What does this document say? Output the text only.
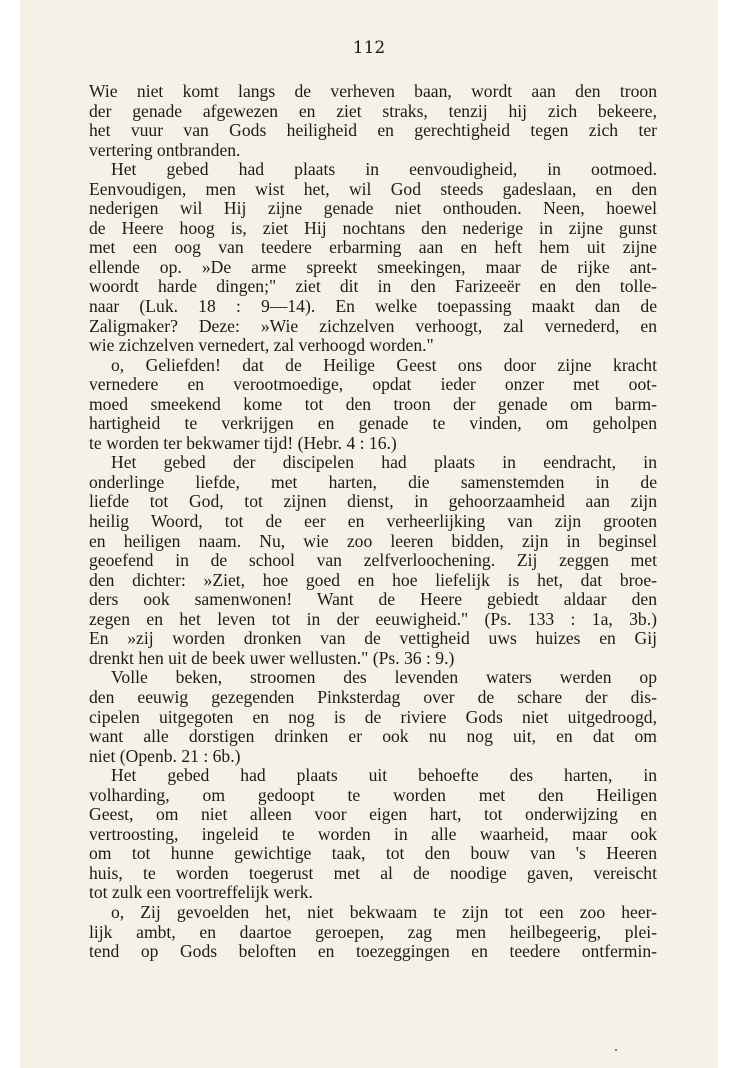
112
Wie niet komt langs de verheven baan, wordt aan den troon
der genade afgewezen en ziet straks, tenzij hij zich bekeere,
het vuur van Gods heiligheid en gerechtigheid tegen zich ter
vertering ontbranden.
Het gebed had plaats in eenvoudigheid, in ootmoed.
Eenvoudigen, men wist het, wil God steeds gadeslaan, en den
nederigen wil Hij zijne genade niet onthouden. Neen, hoewel
de Heere hoog is, ziet Hij nochtans den nederige in zijne gunst
met een oog van teedere erbarming aan en heft hem uit zijne
ellende op. »De arme spreekt smeekingen, maar de rijke ant-
woordt harde dingen;" ziet dit in den Farizeeër en den tolle-
naar (Luk. 18 : 9—14). En welke toepassing maakt dan de
Zaligmaker? Deze: »Wie zichzelven verhoogt, zal vernederd, en
wie zichzelven vernedert, zal verhoogd worden."
o, Geliefden! dat de Heilige Geest ons door zijne kracht
vernedere en verootmoedige, opdat ieder onzer met oot-
moed smeekend kome tot den troon der genade om barm-
hartigheid te verkrijgen en genade te vinden, om geholpen
te worden ter bekwamer tijd! (Hebr. 4 : 16.)
Het gebed der discipelen had plaats in eendracht, in
onderlinge liefde, met harten, die samenstemden in de
liefde tot God, tot zijnen dienst, in gehoorzaamheid aan zijn
heilig Woord, tot de eer en verheerlijking van zijn grooten
en heiligen naam. Nu, wie zoo leeren bidden, zijn in beginsel
geoefend in de school van zelfverloochening. Zij zeggen met
den dichter: »Ziet, hoe goed en hoe liefelijk is het, dat broe-
ders ook samenwonen! Want de Heere gebiedt aldaar den
zegen en het leven tot in der eeuwigheid." (Ps. 133 : 1a, 3b.)
En »zij worden dronken van de vettigheid uws huizes en Gij
drenkt hen uit de beek uwer wellusten." (Ps. 36 : 9.)
Volle beken, stroomen des levenden waters werden op
den eeuwig gezegenden Pinksterdag over de schare der dis-
cipelen uitgegoten en nog is de riviere Gods niet uitgedroogd,
want alle dorstigen drinken er ook nu nog uit, en dat om
niet (Openb. 21 : 6b.)
Het gebed had plaats uit behoefte des harten, in
volharding, om gedoopt te worden met den Heiligen
Geest, om niet alleen voor eigen hart, tot onderwijzing en
vertroosting, ingeleid te worden in alle waarheid, maar ook
om tot hunne gewichtige taak, tot den bouw van 's Heeren
huis, te worden toegerust met al de noodige gaven, vereischt
tot zulk een voortreffelijk werk.
o, Zij gevoelden het, niet bekwaam te zijn tot een zoo heer-
lijk ambt, en daartoe geroepen, zag men heilbegeerig, plei-
tend op Gods beloften en toezeggingen en teedere ontfermin-
